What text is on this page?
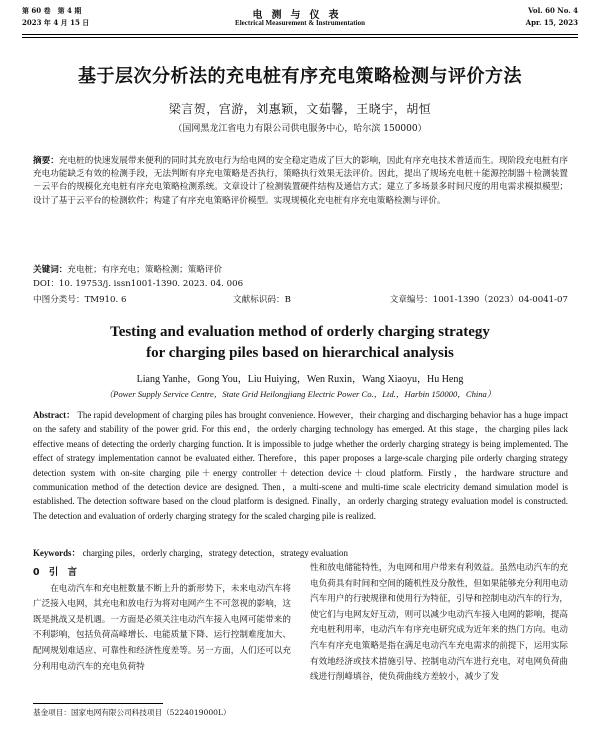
第 60 卷　第 4 期
2023 年 4 月 15 日
电测与仪表
Electrical Measurement & Instrumentation
Vol. 60 No. 4
Apr. 15, 2023
基于层次分析法的充电桩有序充电策略检测与评价方法
梁言贺，宫游，刘惠颖，文茹馨，王晓宇，胡恒
（国网黑龙江省电力有限公司供电服务中心，哈尔滨 150000）
摘要：充电桩的快速发展带来便利的同时其充放电行为给电网的安全稳定造成了巨大的影响，因此有序充电技术普适而生。现阶段充电桩有序充电功能缺乏有效的检测手段，无法判断有序充电策略是否执行，策略执行效果无法评价。因此，提出了规场充电桩＋能源控制器＋检测装置－云平台的规模化充电桩有序充电策略检测系统。文章设计了检测装置硬件结构及通信方式；建立了多场景多时间尺度的用电需求模拟模型；设计了基于云平台的检测软件；构建了有序充电策略评价模型。实现规模化充电桩有序充电策略检测与评价。
关键词：充电桩；有序充电；策略检测；策略评价
DOI：10. 19753/j. issn1001-1390. 2023. 04. 006
中图分类号：TM910. 6	文献标识码：B	文章编号：1001-1390（2023）04-0041-07
Testing and evaluation method of orderly charging strategy
for charging piles based on hierarchical analysis
Liang Yanhe，Gong You，Liu Huiying，Wen Ruxin，Wang Xiaoyu，Hu Heng
（Power Supply Service Centre，State Grid Heilongjiang Electric Power Co.，Ltd.，Harbin 150000，China）
Abstract： The rapid development of charging piles has brought convenience. However，their charging and discharging behavior has a huge impact on the safety and stability of the power grid. For this end，the orderly charging technology has emerged. At this stage，the charging piles lack effective means of detecting the orderly charging function. It is impossible to judge whether the orderly charging strategy is being implemented. The effect of strategy implementation cannot be evaluated either. Therefore，this paper proposes a large-scale charging pile orderly charging strategy detection system with on-site charging pile＋energy controller＋detection device＋cloud platform. Firstly，the hardware structure and communication method of the detection device are designed. Then，a multi-scene and multi-time scale electricity demand simulation model is established. The detection software based on the cloud platform is designed. Finally，an orderly charging strategy evaluation model is constructed. The detection and evaluation of orderly charging strategy for the scaled charging pile is realized.
Keywords： charging piles，orderly charging，strategy detection，strategy evaluation
0　引　言
在电动汽车和充电桩数量不断上升的新形势下，未来电动汽车将广泛接入电网，其充电和放电行为将对电网产生不可忽视的影响，这既是挑战又是机遇。一方面是必须关注电动汽车接入电网可能带来的不利影响，包括负荷高峰增长、电能质量下降、运行控制难度加大、配网规划难适应、可靠性和经济性度差等。另一方面，人们还可以充分利用电动汽车的充电负荷特
性和放电储能特性，为电网和用户带来有利效益。虽然电动汽车的充电负荷具有时间和空间的随机性及分散性，但如果能够充分利用电动汽车用户的行驶规律和使用行为特征，引导和控制电动汽车的行为，使它们与电网友好互动，则可以减少电动汽车接入电网的影响，提高充电桩利用率，电动汽车有序充电研究成为近年来的热门方向。电动汽车有序充电策略是指在满足电动汽车充电需求的前提下，运用实际有效地经济或技术措施引导、控制电动汽车进行充电，对电网负荷曲线进行削峰填谷，使负荷曲线方差较小，减少了发
基金项目：国家电网有限公司科技项目（5224019000L）
